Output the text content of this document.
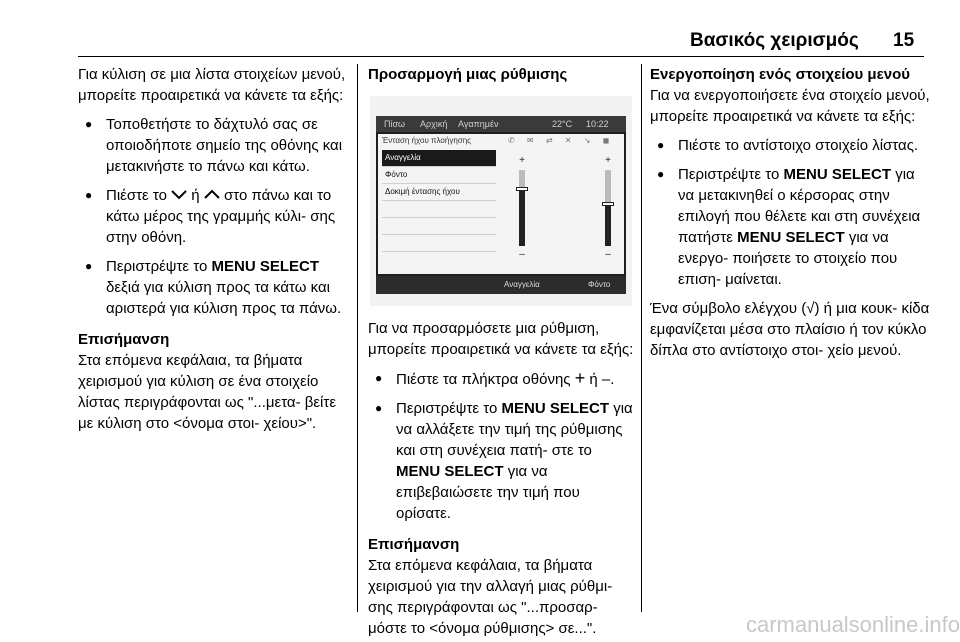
Βασικός χειρισμός 15

Για κύλιση σε μια λίστα στοιχείων μενού, μπορείτε προαιρετικά να κάνετε τα εξής:

● Τοποθετήστε το δάχτυλό σας σε οποιοδήποτε σημείο της οθόνης και μετακινήστε το πάνω και κάτω.
● Πιέστε το ή στο πάνω και το κάτω μέρος της γραμμής κύλι- σης στην οθόνη.
● Περιστρέψτε το MENU SELECT δεξιά για κύλιση προς τα κάτω και αριστερά για κύλιση προς τα πάνω.

Επισήμανση

Στα επόμενα κεφάλαια, τα βήματα χειρισμού για κύλιση σε ένα στοιχείο λίστας περιγράφονται ως "...μετα- βείτε με κύλιση στο <όνομα στοι- χείου>".

Προσαρμογή μιας ρύθμισης

Πίσω Αρχική Αγαπημέν	22°C 10:22
Ένταση ήχου πλοήγησης	✆ ✉ ⇄ ✕ ↘ ◼
Αναγγελία
Φόντο
Δοκιμή έντασης ήχου
+
–
+
–
Αναγγελία	Φόντο

Για να προσαρμόσετε μια ρύθμιση, μπορείτε προαιρετικά να κάνετε τα εξής:

● Πιέστε τα πλήκτρα οθόνης + ή –.
● Περιστρέψτε το MENU SELECT για να αλλάξετε την τιμή της ρύθμισης και στη συνέχεια πατή- στε το MENU SELECT για να επιβεβαιώσετε την τιμή που ορίσατε.

Επισήμανση

Στα επόμενα κεφάλαια, τα βήματα χειρισμού για την αλλαγή μιας ρύθμι- σης περιγράφονται ως "...προσαρ- μόστε το <όνομα ρύθμισης> σε...".

Ενεργοποίηση ενός στοιχείου μενού

Για να ενεργοποιήσετε ένα στοιχείο μενού, μπορείτε προαιρετικά να κάνετε τα εξής:

● Πιέστε το αντίστοιχο στοιχείο λίστας.
● Περιστρέψτε το MENU SELECT για να μετακινηθεί ο κέρσορας στην επιλογή που θέλετε και στη συνέχεια πατήστε MENU SELECT για να ενεργο- ποιήσετε το στοιχείο που επιση- μαίνεται.

Ένα σύμβολο ελέγχου (√) ή μια κουκ- κίδα εμφανίζεται μέσα στο πλαίσιο ή τον κύκλο δίπλα στο αντίστοιχο στοι- χείο μενού.

carmanualsonline.info
